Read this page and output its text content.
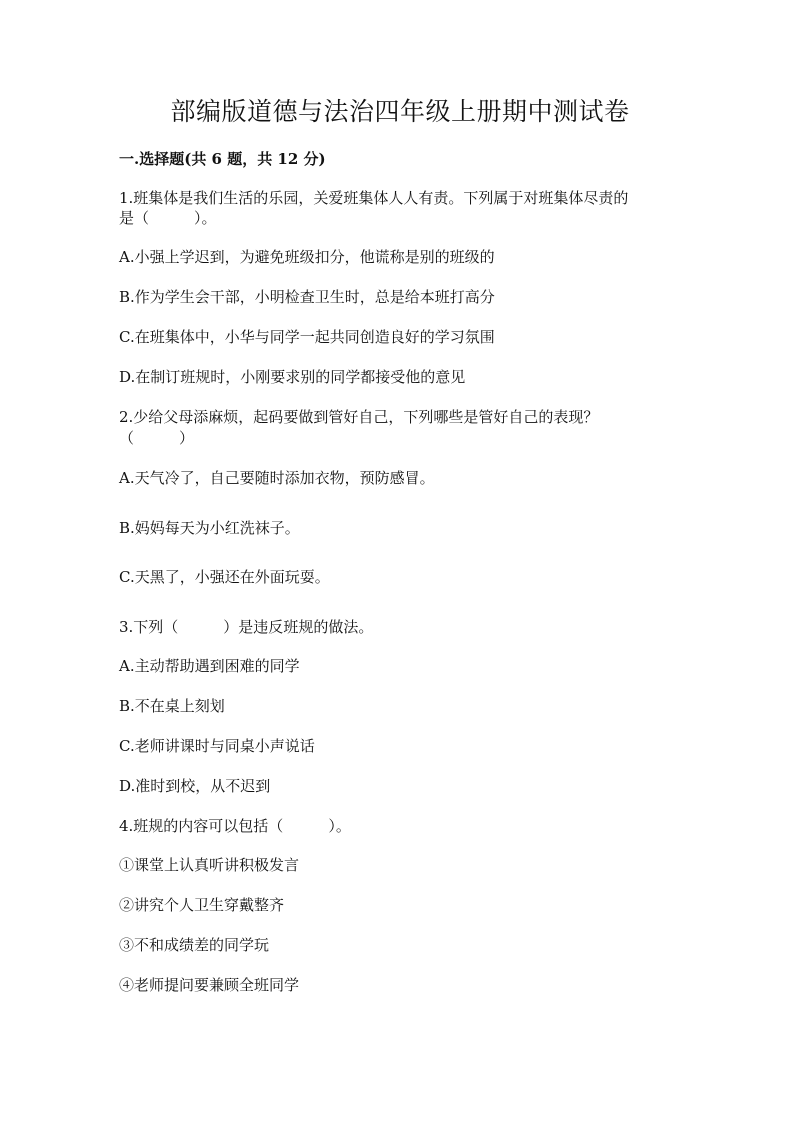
部编版道德与法治四年级上册期中测试卷
一.选择题(共 6 题，共 12 分)
1.班集体是我们生活的乐园，关爱班集体人人有责。下列属于对班集体尽责的
是（　　　）。
A.小强上学迟到，为避免班级扣分，他谎称是别的班级的
B.作为学生会干部，小明检查卫生时，总是给本班打高分
C.在班集体中，小华与同学一起共同创造良好的学习氛围
D.在制订班规时，小刚要求别的同学都接受他的意见
2.少给父母添麻烦，起码要做到管好自己，下列哪些是管好自己的表现？
（　　　）
A.天气冷了，自己要随时添加衣物，预防感冒。
B.妈妈每天为小红洗袜子。
C.天黑了，小强还在外面玩耍。
3.下列（　　　）是违反班规的做法。
A.主动帮助遇到困难的同学
B.不在桌上刻划
C.老师讲课时与同桌小声说话
D.准时到校，从不迟到
4.班规的内容可以包括（　　　）。
①课堂上认真听讲积极发言
②讲究个人卫生穿戴整齐
③不和成绩差的同学玩
④老师提问要兼顾全班同学
